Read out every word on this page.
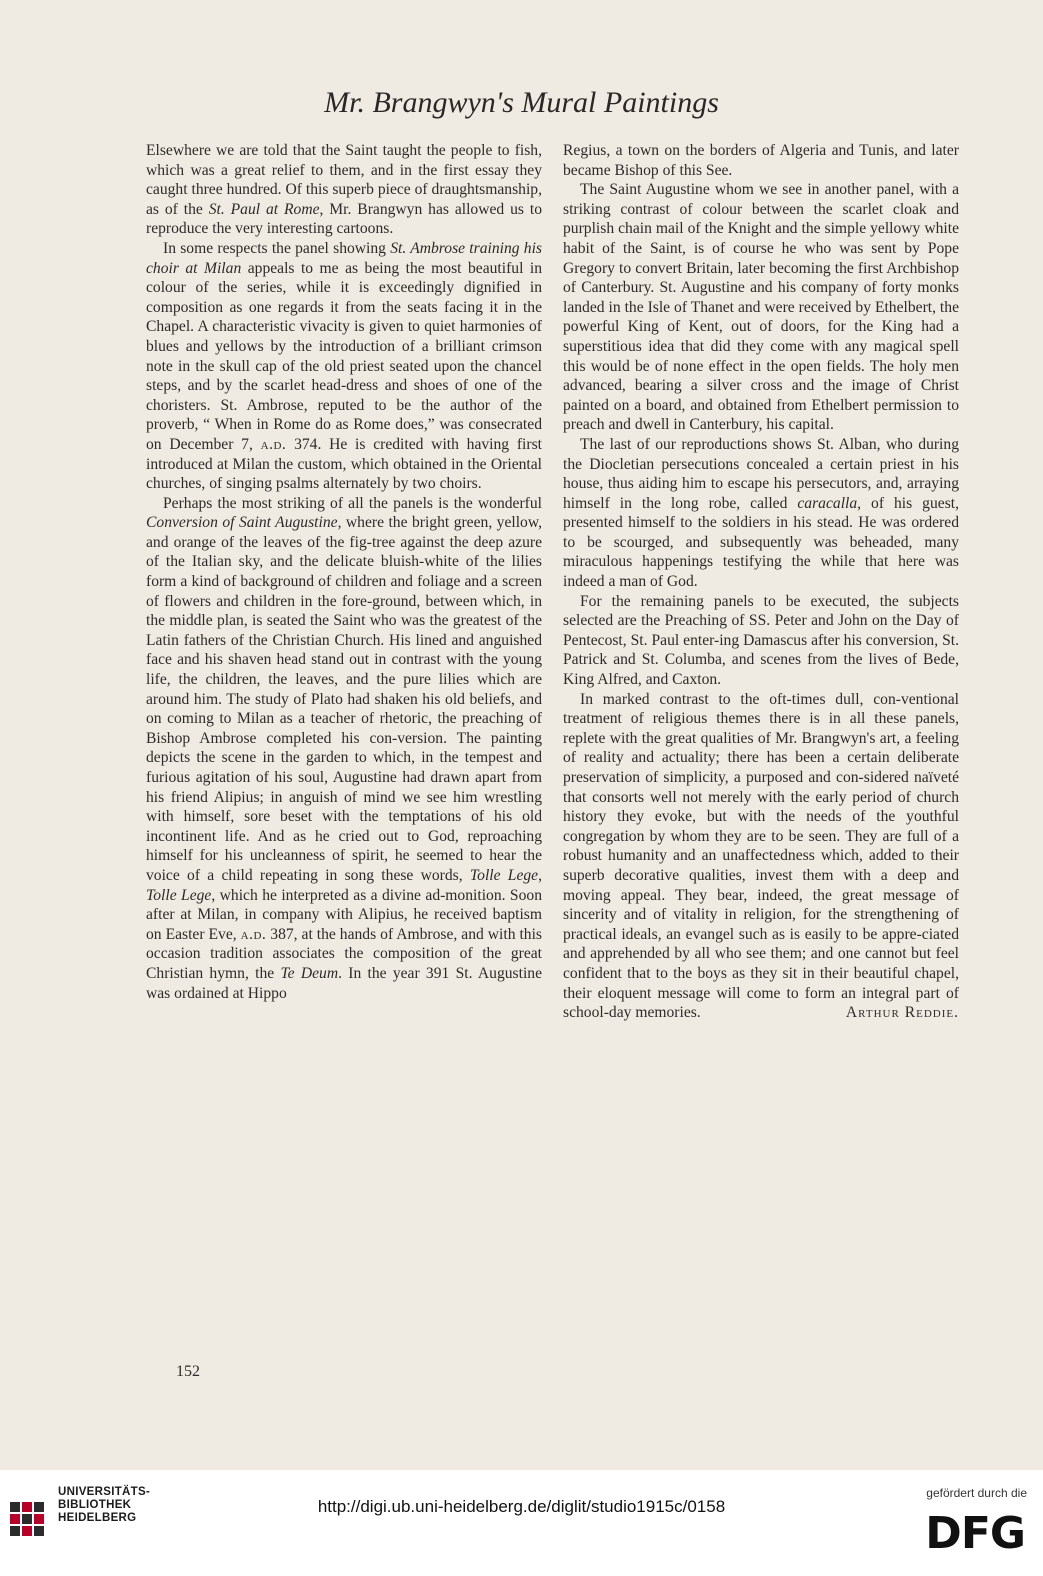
Mr. Brangwyn's Mural Paintings

Elsewhere we are told that the Saint taught the people to fish, which was a great relief to them, and in the first essay they caught three hundred. Of this superb piece of draughtsmanship, as of the St. Paul at Rome, Mr. Brangwyn has allowed us to reproduce the very interesting cartoons.

In some respects the panel showing St. Ambrose training his choir at Milan appeals to me as being the most beautiful in colour of the series, while it is exceedingly dignified in composition as one regards it from the seats facing it in the Chapel. A characteristic vivacity is given to quiet harmonies of blues and yellows by the introduction of a brilliant crimson note in the skull cap of the old priest seated upon the chancel steps, and by the scarlet head-dress and shoes of one of the choristers. St. Ambrose, reputed to be the author of the proverb, “ When in Rome do as Rome does,” was consecrated on December 7, a.d. 374. He is credited with having first introduced at Milan the custom, which obtained in the Oriental churches, of singing psalms alternately by two choirs.

Perhaps the most striking of all the panels is the wonderful Conversion of Saint Augustine, where the bright green, yellow, and orange of the leaves of the fig-tree against the deep azure of the Italian sky, and the delicate bluish-white of the lilies form a kind of background of children and foliage and a screen of flowers and children in the fore-ground, between which, in the middle plan, is seated the Saint who was the greatest of the Latin fathers of the Christian Church. His lined and anguished face and his shaven head stand out in contrast with the young life, the children, the leaves, and the pure lilies which are around him. The study of Plato had shaken his old beliefs, and on coming to Milan as a teacher of rhetoric, the preaching of Bishop Ambrose completed his con-version. The painting depicts the scene in the garden to which, in the tempest and furious agitation of his soul, Augustine had drawn apart from his friend Alipius; in anguish of mind we see him wrestling with himself, sore beset with the temptations of his old incontinent life. And as he cried out to God, reproaching himself for his uncleanness of spirit, he seemed to hear the voice of a child repeating in song these words, Tolle Lege, Tolle Lege, which he interpreted as a divine ad-monition. Soon after at Milan, in company with Alipius, he received baptism on Easter Eve, a.d. 387, at the hands of Ambrose, and with this occasion tradition associates the composition of the great Christian hymn, the Te Deum. In the year 391 St. Augustine was ordained at Hippo

Regius, a town on the borders of Algeria and Tunis, and later became Bishop of this See.

The Saint Augustine whom we see in another panel, with a striking contrast of colour between the scarlet cloak and purplish chain mail of the Knight and the simple yellowy white habit of the Saint, is of course he who was sent by Pope Gregory to convert Britain, later becoming the first Archbishop of Canterbury. St. Augustine and his company of forty monks landed in the Isle of Thanet and were received by Ethelbert, the powerful King of Kent, out of doors, for the King had a superstitious idea that did they come with any magical spell this would be of none effect in the open fields. The holy men advanced, bearing a silver cross and the image of Christ painted on a board, and obtained from Ethelbert permission to preach and dwell in Canterbury, his capital.

The last of our reproductions shows St. Alban, who during the Diocletian persecutions concealed a certain priest in his house, thus aiding him to escape his persecutors, and, arraying himself in the long robe, called caracalla, of his guest, presented himself to the soldiers in his stead. He was ordered to be scourged, and subsequently was beheaded, many miraculous happenings testifying the while that here was indeed a man of God.

For the remaining panels to be executed, the subjects selected are the Preaching of SS. Peter and John on the Day of Pentecost, St. Paul enter-ing Damascus after his conversion, St. Patrick and St. Columba, and scenes from the lives of Bede, King Alfred, and Caxton.

In marked contrast to the oft-times dull, con-ventional treatment of religious themes there is in all these panels, replete with the great qualities of Mr. Brangwyn's art, a feeling of reality and actuality; there has been a certain deliberate preservation of simplicity, a purposed and con-sidered naïveté that consorts well not merely with the early period of church history they evoke, but with the needs of the youthful congregation by whom they are to be seen. They are full of a robust humanity and an unaffectedness which, added to their superb decorative qualities, invest them with a deep and moving appeal. They bear, indeed, the great message of sincerity and of vitality in religion, for the strengthening of practical ideals, an evangel such as is easily to be appre-ciated and apprehended by all who see them; and one cannot but feel confident that to the boys as they sit in their beautiful chapel, their eloquent message will come to form an integral part of school-day memories.	Arthur Reddie.

152
UNIVERSITÄTS-
BIBLIOTHEK
HEIDELBERG
http://digi.ub.uni-heidelberg.de/diglit/studio1915c/0158
gefördert durch die
DFG
